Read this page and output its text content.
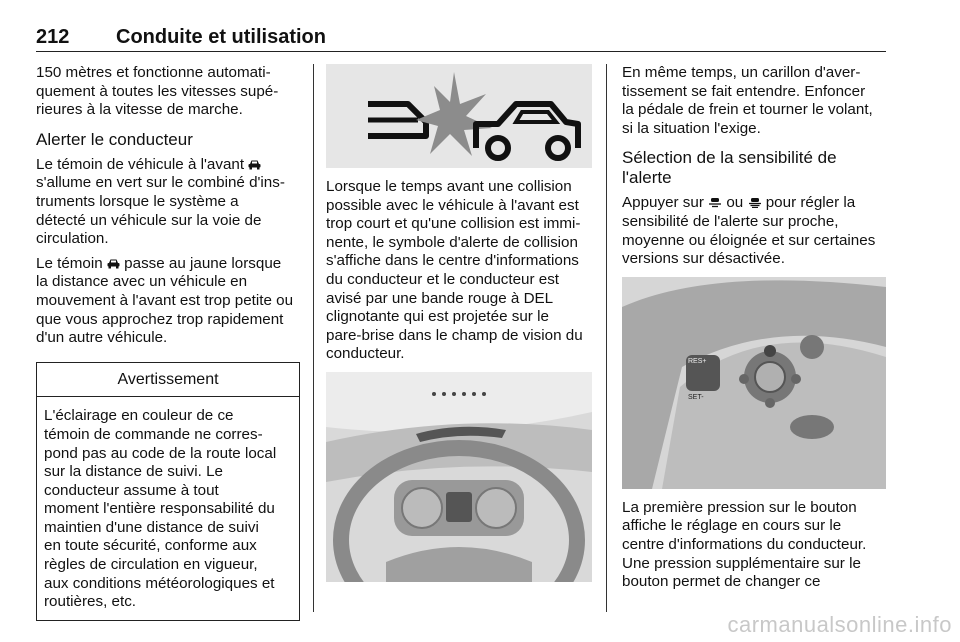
212 Conduite et utilisation

150 mètres et fonctionne automati-
quement à toutes les vitesses supé-
rieures à la vitesse de marche.

Alerter le conducteur

Le témoin de véhicule à l'avant
s'allume en vert sur le combiné d'ins-
truments lorsque le système a
détecté un véhicule sur la voie de
circulation.

Le témoin passe au jaune lorsque
la distance avec un véhicule en
mouvement à l'avant est trop petite ou
que vous approchez trop rapidement
d'un autre véhicule.

Avertissement
L'éclairage en couleur de ce
témoin de commande ne corres-
pond pas au code de la route local
sur la distance de suivi. Le
conducteur assume à tout
moment l'entière responsabilité du
maintien d'une distance de suivi
en toute sécurité, conforme aux
règles de circulation en vigueur,
aux conditions météorologiques et
routières, etc.

Lorsque le temps avant une collision
possible avec le véhicule à l'avant est
trop court et qu'une collision est immi-
nente, le symbole d'alerte de collision
s'affiche dans le centre d'informations
du conducteur et le conducteur est
avisé par une bande rouge à DEL
clignotante qui est projetée sur le
pare-brise dans le champ de vision du
conducteur.

En même temps, un carillon d'aver-
tissement se fait entendre. Enfoncer
la pédale de frein et tourner le volant,
si la situation l'exige.

Sélection de la sensibilité de
l'alerte

Appuyer sur ou pour régler la
sensibilité de l'alerte sur proche,
moyenne ou éloignée et sur certaines
versions sur désactivée.

RES+
SET-

La première pression sur le bouton
affiche le réglage en cours sur le
centre d'informations du conducteur.
Une pression supplémentaire sur le
bouton permet de changer ce

carmanualsonline.info
